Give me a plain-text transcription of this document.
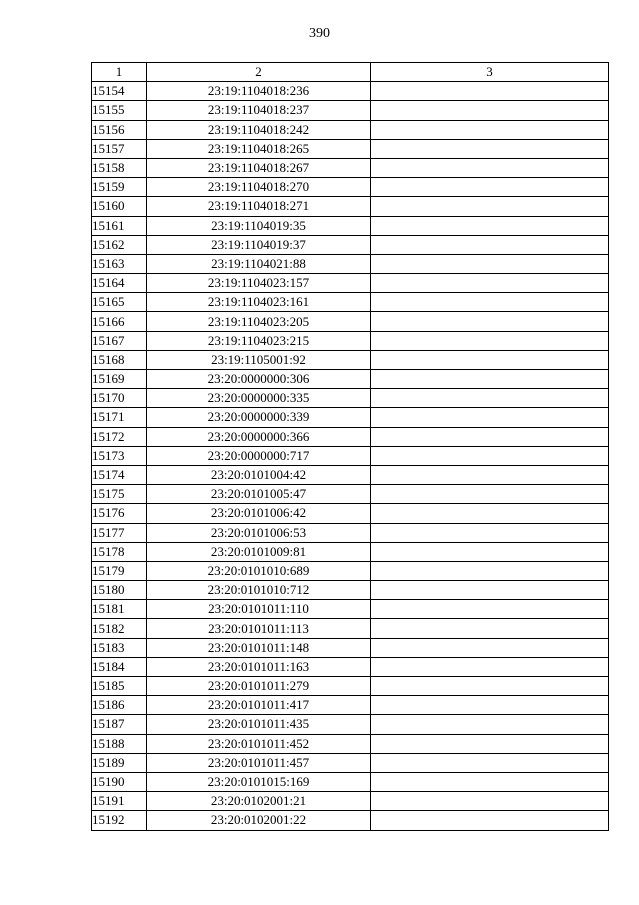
390
1	2	3
15154	23:19:1104018:236	
15155	23:19:1104018:237	
15156	23:19:1104018:242	
15157	23:19:1104018:265	
15158	23:19:1104018:267	
15159	23:19:1104018:270	
15160	23:19:1104018:271	
15161	23:19:1104019:35	
15162	23:19:1104019:37	
15163	23:19:1104021:88	
15164	23:19:1104023:157	
15165	23:19:1104023:161	
15166	23:19:1104023:205	
15167	23:19:1104023:215	
15168	23:19:1105001:92	
15169	23:20:0000000:306	
15170	23:20:0000000:335	
15171	23:20:0000000:339	
15172	23:20:0000000:366	
15173	23:20:0000000:717	
15174	23:20:0101004:42	
15175	23:20:0101005:47	
15176	23:20:0101006:42	
15177	23:20:0101006:53	
15178	23:20:0101009:81	
15179	23:20:0101010:689	
15180	23:20:0101010:712	
15181	23:20:0101011:110	
15182	23:20:0101011:113	
15183	23:20:0101011:148	
15184	23:20:0101011:163	
15185	23:20:0101011:279	
15186	23:20:0101011:417	
15187	23:20:0101011:435	
15188	23:20:0101011:452	
15189	23:20:0101011:457	
15190	23:20:0101015:169	
15191	23:20:0102001:21	
15192	23:20:0102001:22	
